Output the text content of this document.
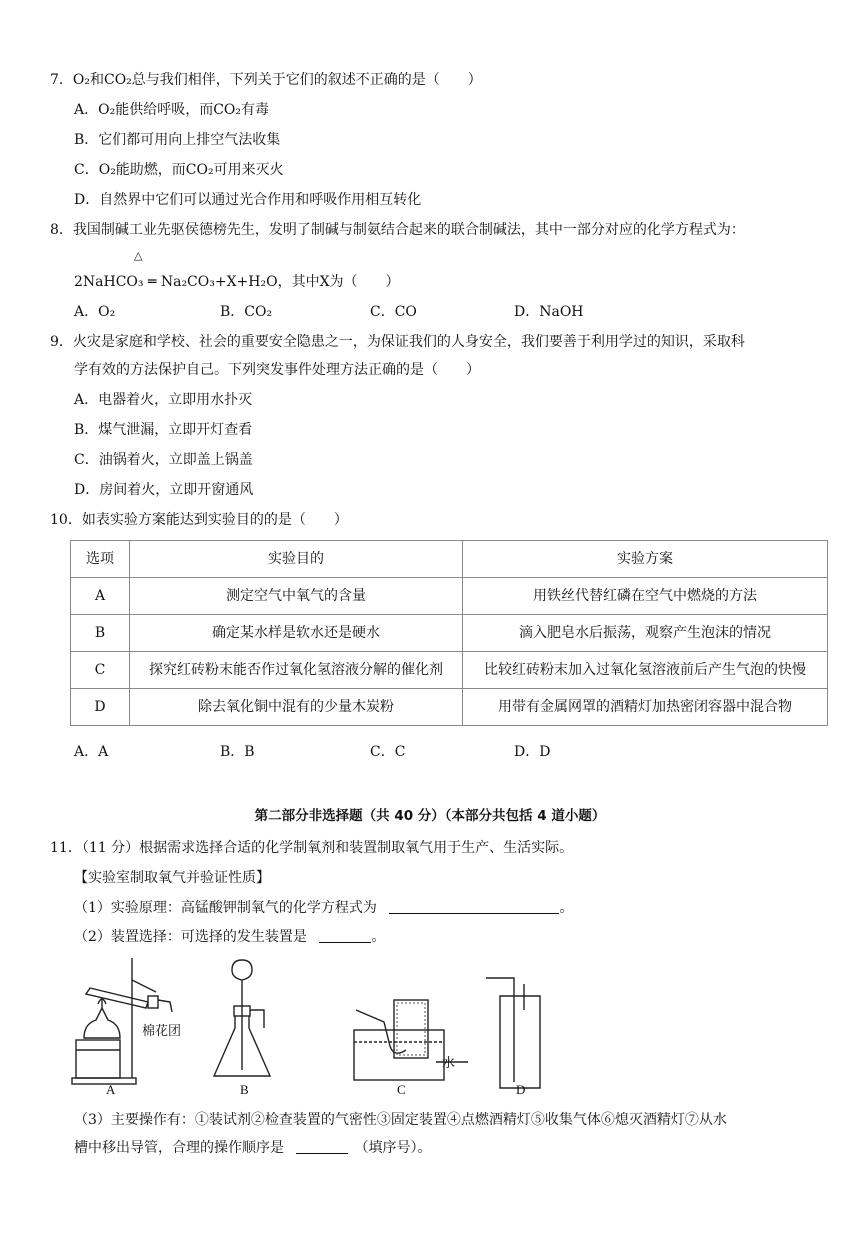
7．O₂和CO₂总与我们相伴，下列关于它们的叙述不正确的是（　　）
A．O₂能供给呼吸，而CO₂有毒
B．它们都可用向上排空气法收集
C．O₂能助燃，而CO₂可用来灭火
D．自然界中它们可以通过光合作用和呼吸作用相互转化
8．我国制碱工业先驱侯德榜先生，发明了制碱与制氨结合起来的联合制碱法，其中一部分对应的化学方程式为：
△
2NaHCO₃ ═ Na₂CO₃+X+H₂O，其中X为（　　）
A．O₂	B．CO₂	C．CO	D．NaOH
9．火灾是家庭和学校、社会的重要安全隐患之一，为保证我们的人身安全，我们要善于利用学过的知识，采取科
学有效的方法保护自己。下列突发事件处理方法正确的是（　　）
A．电器着火，立即用水扑灭
B．煤气泄漏，立即开灯查看
C．油锅着火，立即盖上锅盖
D．房间着火，立即开窗通风
10．如表实验方案能达到实验目的的是（　　）
选项	实验目的	实验方案
A	测定空气中氧气的含量	用铁丝代替红磷在空气中燃烧的方法
B	确定某水样是软水还是硬水	滴入肥皂水后振荡，观察产生泡沫的情况
C	探究红砖粉末能否作过氧化氢溶液分解的催化剂	比较红砖粉末加入过氧化氢溶液前后产生气泡的快慢
D	除去氧化铜中混有的少量木炭粉	用带有金属网罩的酒精灯加热密闭容器中混合物
A．A	B．B	C．C	D．D
第二部分非选择题（共 40 分）（本部分共包括 4 道小题）
11．（11 分）根据需求选择合适的化学制氧剂和装置制取氧气用于生产、生活实际。
【实验室制取氧气并验证性质】
（1）实验原理：高锰酸钾制氧气的化学方程式为	。
（2）装置选择：可选择的发生装置是	。
棉花团
水
A	B	C	D
（3）主要操作有：①装试剂②检查装置的气密性③固定装置④点燃酒精灯⑤收集气体⑥熄灭酒精灯⑦从水
槽中移出导管，合理的操作顺序是	（填序号）。
